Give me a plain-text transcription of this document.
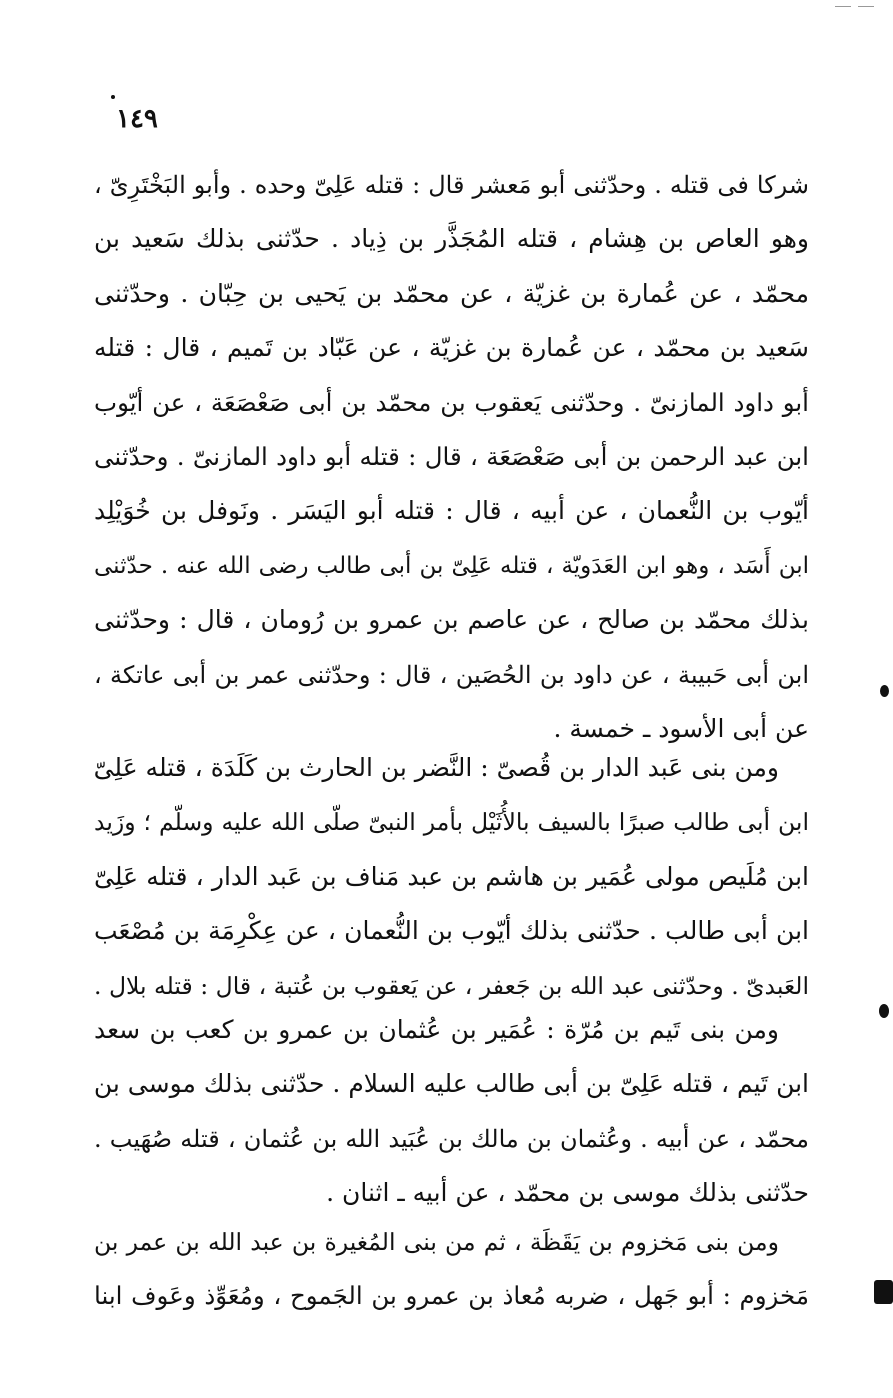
١٤٩
شركا فى قتله . وحدّثنى أبو مَعشر قال : قتله عَلِىّ وحده . وأبو البَخْتَرِىّ ،
وهو العاص بن هِشام ، قتله المُجَذَّر بن ذِياد . حدّثنى بذلك سَعيد بن
محمّد ، عن عُمارة بن غزيّة ، عن محمّد بن يَحيى بن حِبّان . وحدّثنى
سَعيد بن محمّد ، عن عُمارة بن غزيّة ، عن عَبّاد بن تَميم ، قال : قتله
أبو داود المازنىّ . وحدّثنى يَعقوب بن محمّد بن أبى صَعْصَعَة ، عن أيّوب
ابن عبد الرحمن بن أبى صَعْصَعَة ، قال : قتله أبو داود المازنىّ . وحدّثنى
أيّوب بن النُّعمان ، عن أبيه ، قال : قتله أبو اليَسَر . ونَوفل بن خُوَيْلِد
ابن أَسَد ، وهو ابن العَدَويّة ، قتله عَلِىّ بن أبى طالب رضى الله عنه . حدّثنى
بذلك محمّد بن صالح ، عن عاصم بن عمرو بن رُومان ، قال : وحدّثنى
ابن أبى حَبيبة ، عن داود بن الحُصَين ، قال : وحدّثنى عمر بن أبى عاتكة ،
عن أبى الأسود ـ خمسة .
ومن بنى عَبد الدار بن قُصىّ : النَّضر بن الحارث بن كَلَدَة ، قتله عَلِىّ
ابن أبى طالب صبرًا بالسيف بالأُثَيْل بأمر النبىّ صلّى الله عليه وسلّم ؛ وزَيد
ابن مُلَيص مولى عُمَير بن هاشم بن عبد مَناف بن عَبد الدار ، قتله عَلِىّ
ابن أبى طالب . حدّثنى بذلك أيّوب بن النُّعمان ، عن عِكْرِمَة بن مُصْعَب
العَبدىّ . وحدّثنى عبد الله بن جَعفر ، عن يَعقوب بن عُتبة ، قال : قتله بلال .
ومن بنى تَيم بن مُرّة : عُمَير بن عُثمان بن عمرو بن كعب بن سعد
ابن تَيم ، قتله عَلِىّ بن أبى طالب عليه السلام . حدّثنى بذلك موسى بن
محمّد ، عن أبيه . وعُثمان بن مالك بن عُبَيد الله بن عُثمان ، قتله صُهَيب .
حدّثنى بذلك موسى بن محمّد ، عن أبيه ـ اثنان .
ومن بنى مَخزوم بن يَقَظَة ، ثم من بنى المُغيرة بن عبد الله بن عمر بن
مَخزوم : أبو جَهل ، ضربه مُعاذ بن عمرو بن الجَموح ، ومُعَوِّذ وعَوف ابنا
